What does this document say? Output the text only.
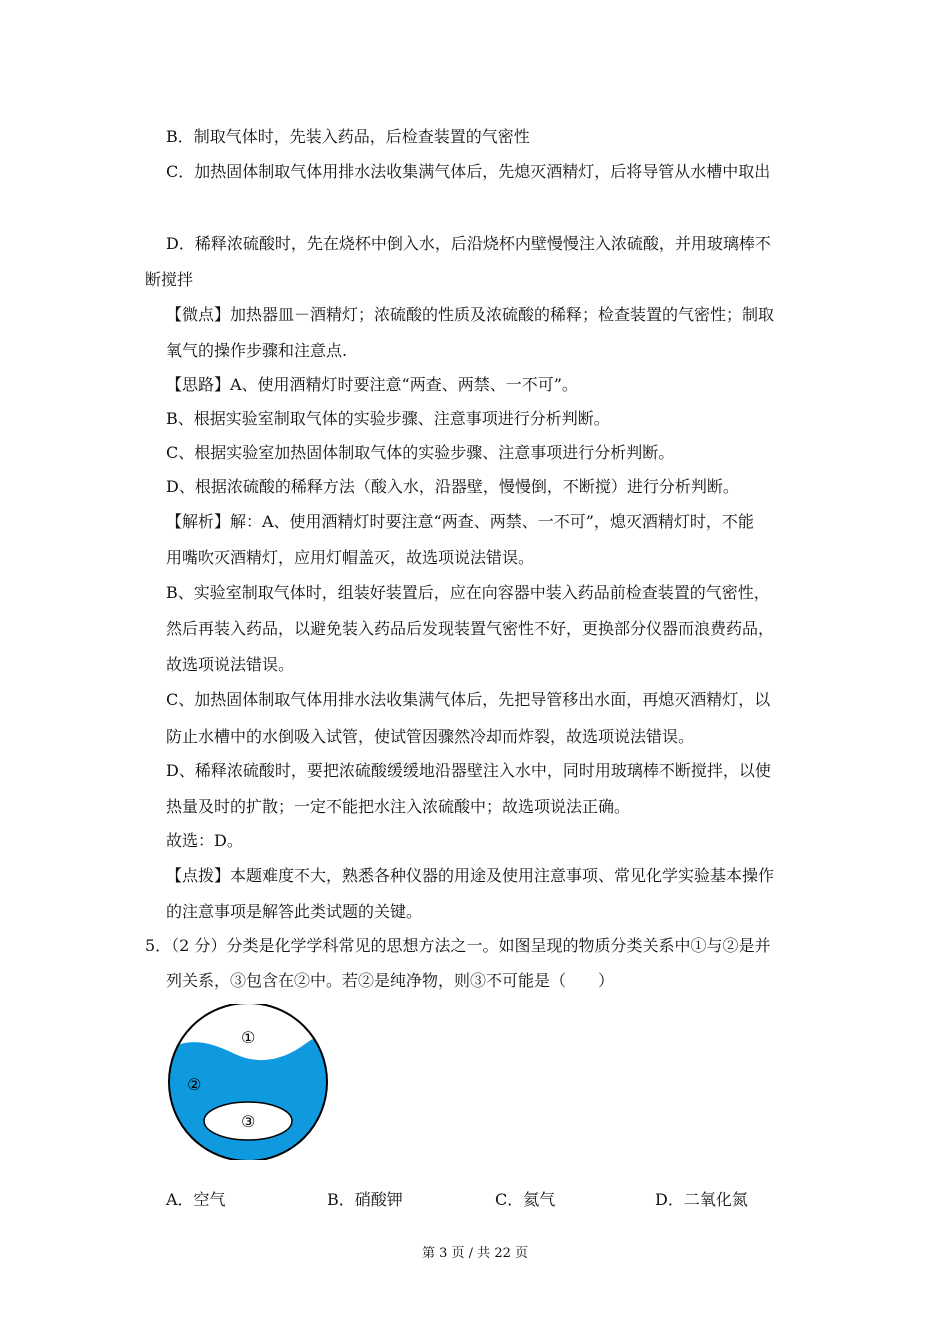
B．制取气体时，先装入药品，后检查装置的气密性
C．加热固体制取气体用排水法收集满气体后，先熄灭酒精灯，后将导管从水槽中取出
D．稀释浓硫酸时，先在烧杯中倒入水，后沿烧杯内壁慢慢注入浓硫酸，并用玻璃棒不
断搅拌
【微点】加热器皿－酒精灯；浓硫酸的性质及浓硫酸的稀释；检查装置的气密性；制取
氧气的操作步骤和注意点.
【思路】A、使用酒精灯时要注意“两查、两禁、一不可”。
B、根据实验室制取气体的实验步骤、注意事项进行分析判断。
C、根据实验室加热固体制取气体的实验步骤、注意事项进行分析判断。
D、根据浓硫酸的稀释方法（酸入水，沿器壁，慢慢倒，不断搅）进行分析判断。
【解析】解：A、使用酒精灯时要注意“两查、两禁、一不可”，熄灭酒精灯时，不能
用嘴吹灭酒精灯，应用灯帽盖灭，故选项说法错误。
B、实验室制取气体时，组装好装置后，应在向容器中装入药品前检查装置的气密性，
然后再装入药品，以避免装入药品后发现装置气密性不好，更换部分仪器而浪费药品，
故选项说法错误。
C、加热固体制取气体用排水法收集满气体后，先把导管移出水面，再熄灭酒精灯，以
防止水槽中的水倒吸入试管，使试管因骤然冷却而炸裂，故选项说法错误。
D、稀释浓硫酸时，要把浓硫酸缓缓地沿器壁注入水中，同时用玻璃棒不断搅拌，以使
热量及时的扩散；一定不能把水注入浓硫酸中；故选项说法正确。
故选：D。
【点拨】本题难度不大，熟悉各种仪器的用途及使用注意事项、常见化学实验基本操作
的注意事项是解答此类试题的关键。
5．（2 分）分类是化学学科常见的思想方法之一。如图呈现的物质分类关系中①与②是并
列关系，③包含在②中。若②是纯净物，则③不可能是（　　）
①
②
③
A．空气	B．硝酸钾	C．氦气	D．二氧化氮
第 3 页 / 共 22 页
